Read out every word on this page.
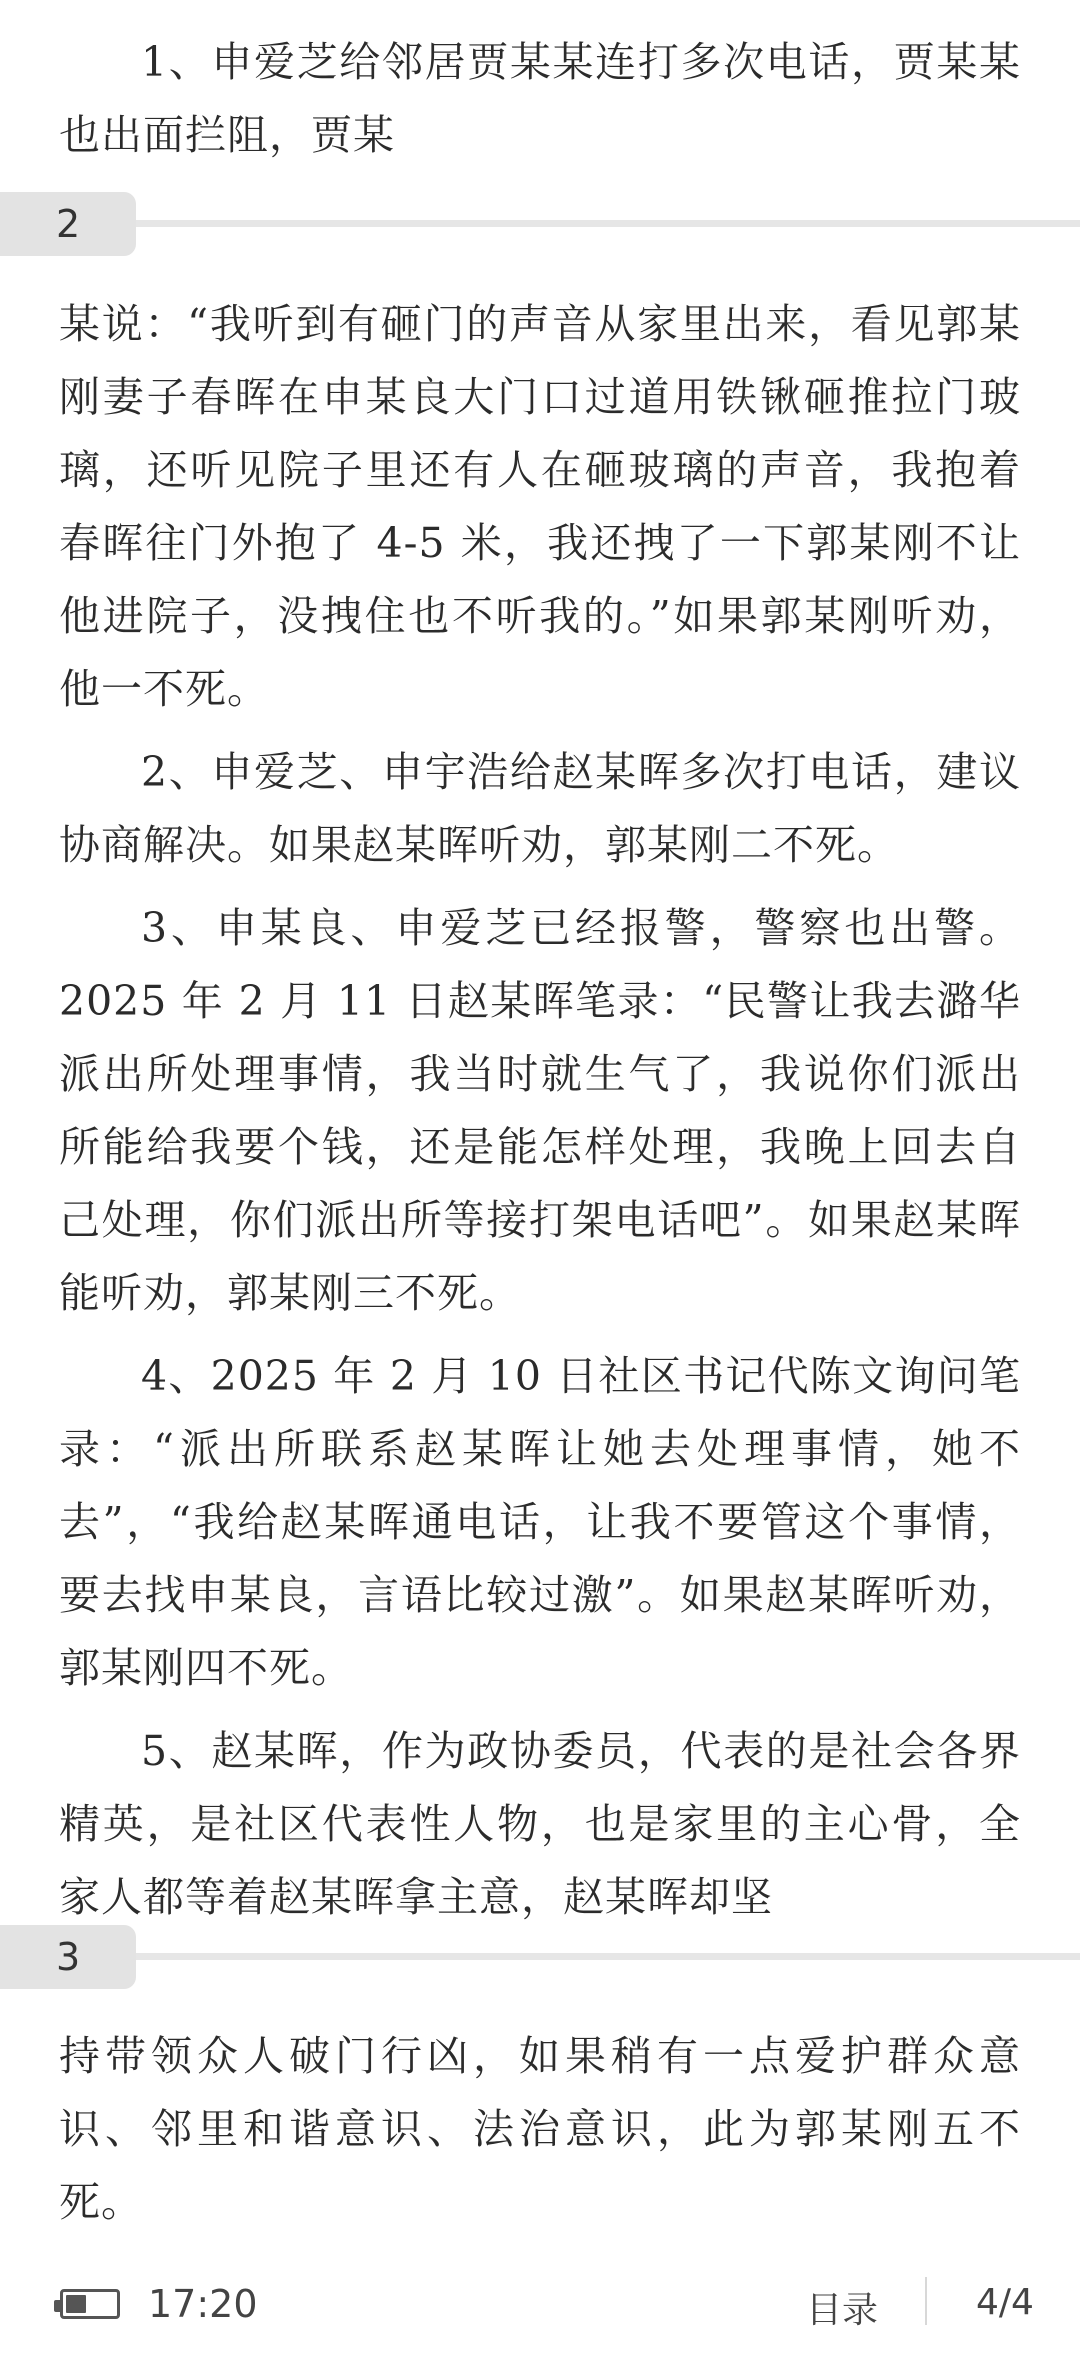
1、申爱芝给邻居贾某某连打多次电话，贾某某也出面拦阻，贾某

2

某说：“我听到有砸门的声音从家里出来，看见郭某刚妻子春晖在申某良大门口过道用铁锹砸推拉门玻璃，还听见院子里还有人在砸玻璃的声音，我抱着春晖往门外抱了 4-5 米，我还拽了一下郭某刚不让他进院子，没拽住也不听我的。”如果郭某刚听劝，他一不死。

2、申爱芝、申宇浩给赵某晖多次打电话，建议协商解决。如果赵某晖听劝，郭某刚二不死。

3、申某良、申爱芝已经报警，警察也出警。2025 年 2 月 11 日赵某晖笔录：“民警让我去潞华派出所处理事情，我当时就生气了，我说你们派出所能给我要个钱，还是能怎样处理，我晚上回去自己处理，你们派出所等接打架电话吧”。如果赵某晖能听劝，郭某刚三不死。

4、2025 年 2 月 10 日社区书记代陈文询问笔录：“派出所联系赵某晖让她去处理事情，她不去”，“我给赵某晖通电话，让我不要管这个事情，要去找申某良，言语比较过激”。如果赵某晖听劝，郭某刚四不死。

5、赵某晖，作为政协委员，代表的是社会各界精英，是社区代表性人物，也是家里的主心骨，全家人都等着赵某晖拿主意，赵某晖却坚

3

持带领众人破门行凶，如果稍有一点爱护群众意识、邻里和谐意识、法治意识，此为郭某刚五不死。

17:20	目录	4/4
